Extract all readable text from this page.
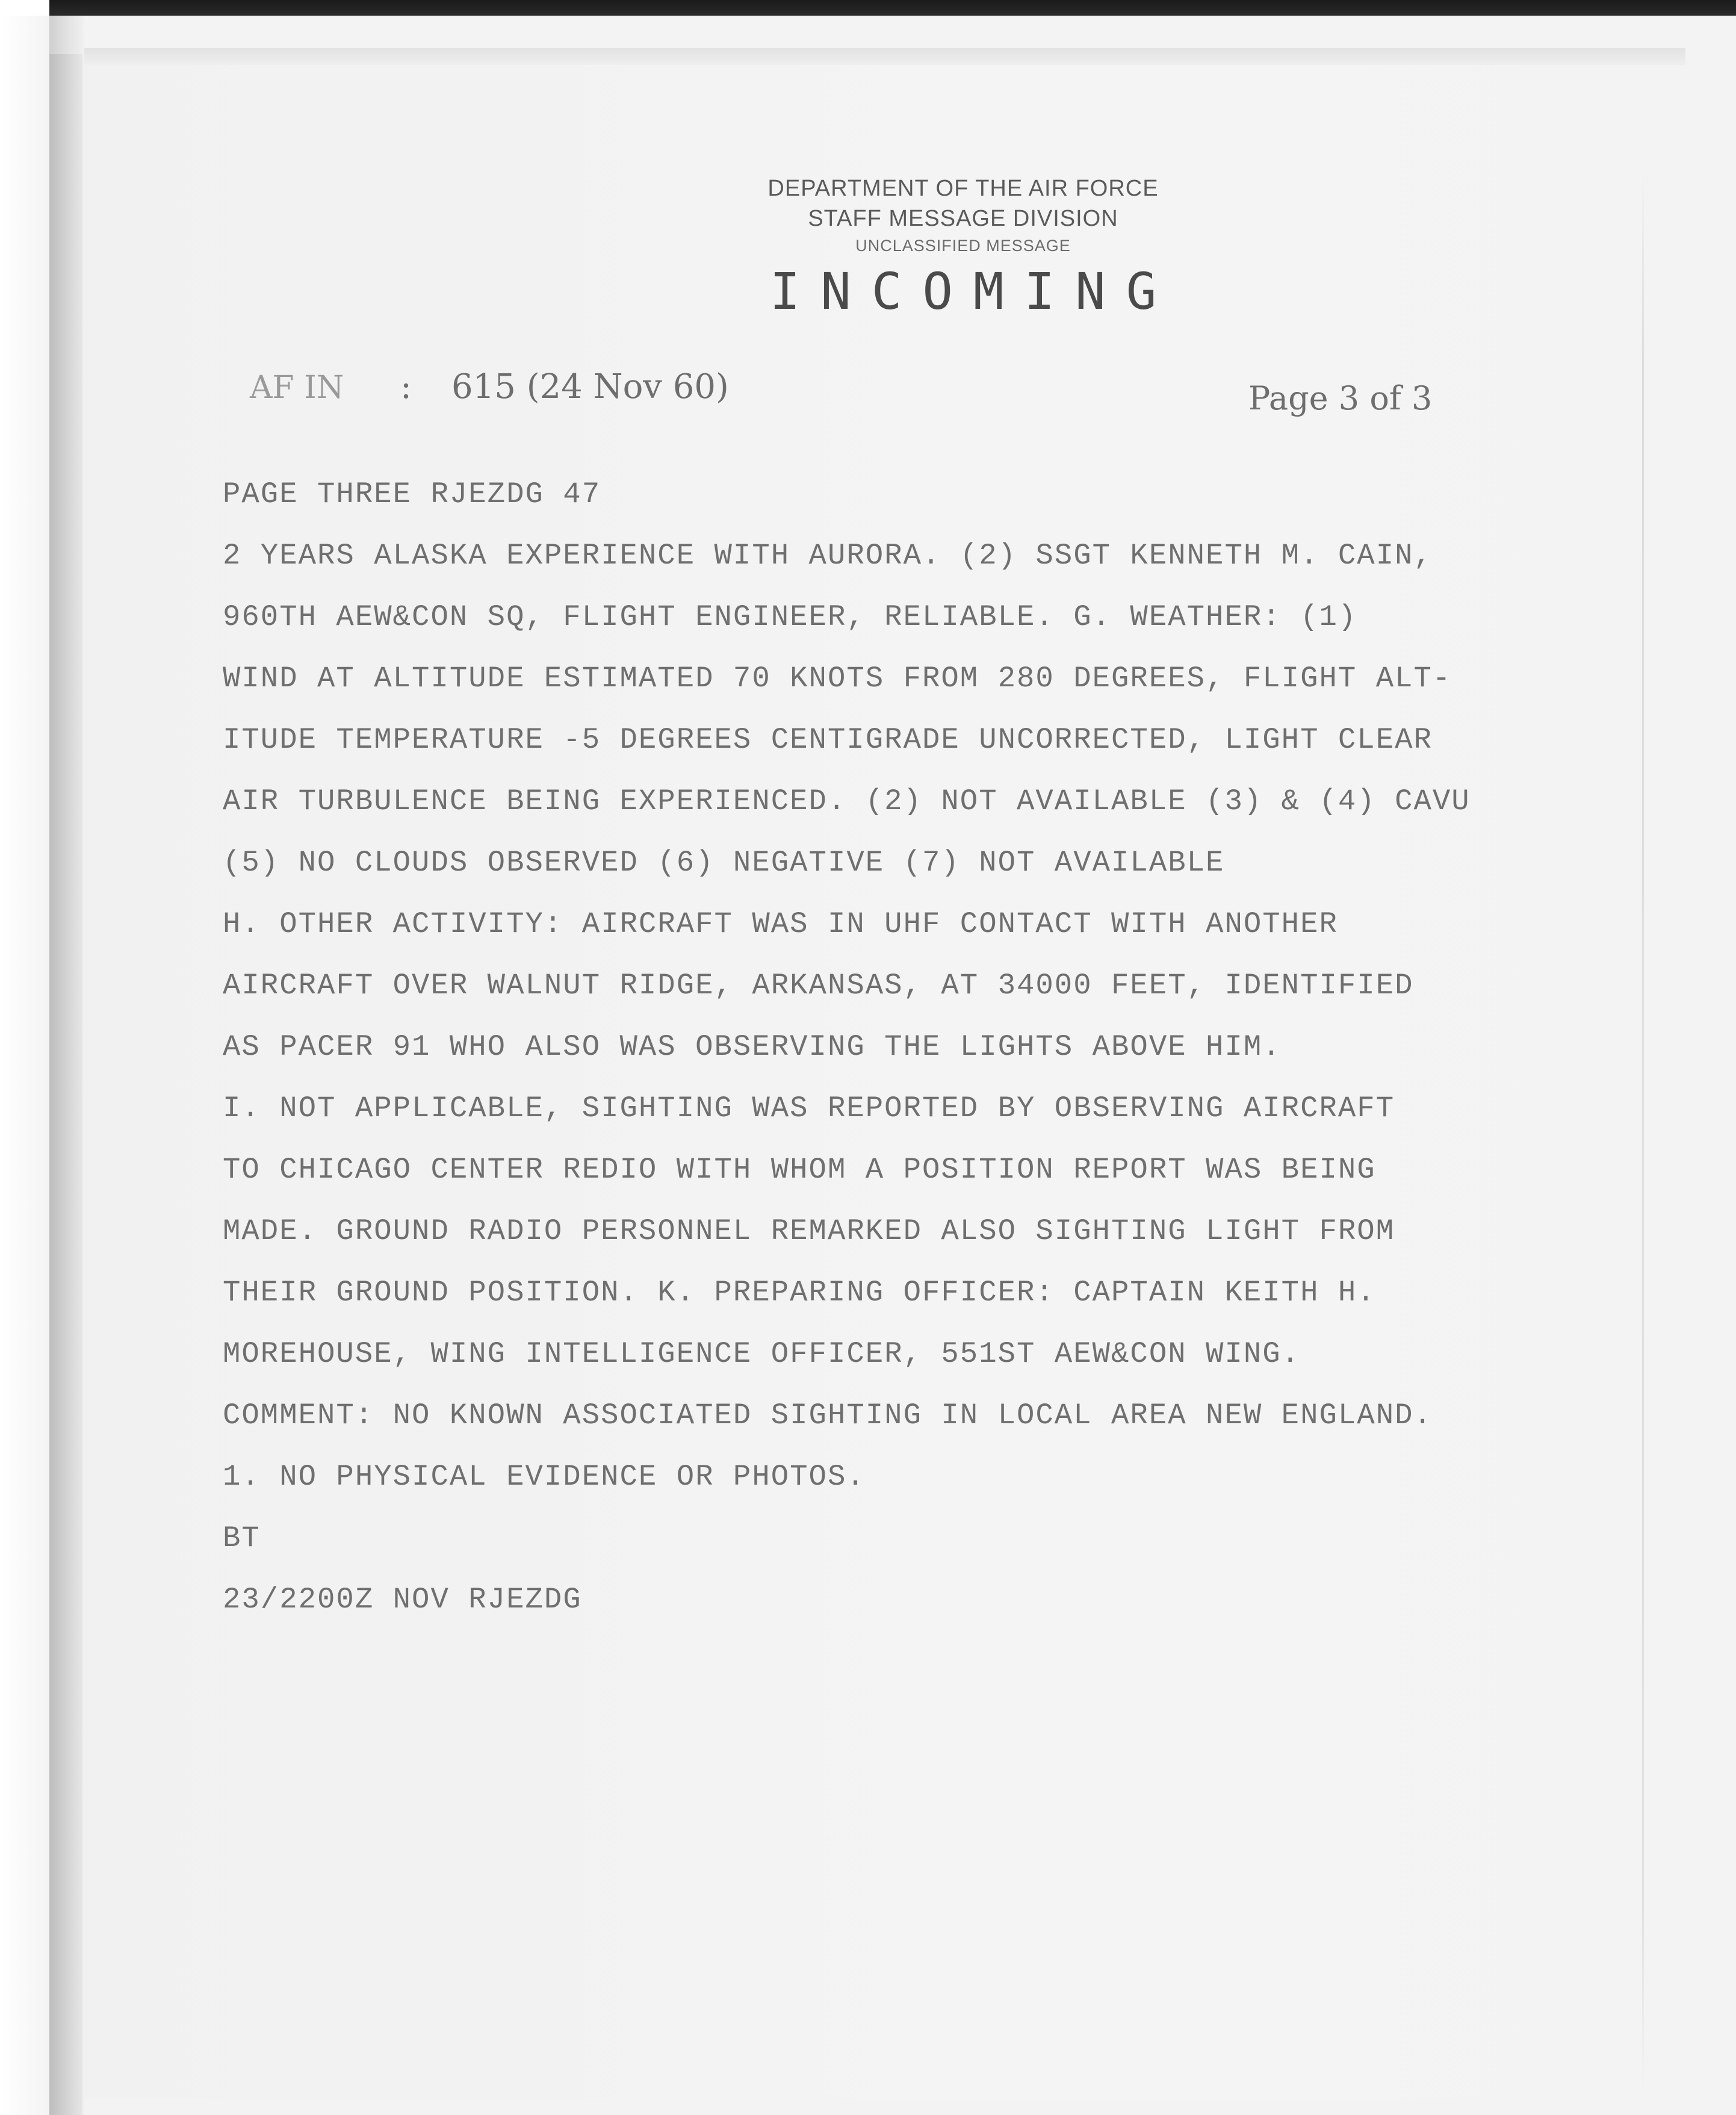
DEPARTMENT OF THE AIR FORCE
STAFF MESSAGE DIVISION
UNCLASSIFIED MESSAGE
INCOMING
AF IN : 615 (24 Nov 60)	Page 3 of 3
PAGE THREE RJEZDG 47
2 YEARS ALASKA EXPERIENCE WITH AURORA. (2) SSGT KENNETH M. CAIN,
960TH AEW&CON SQ, FLIGHT ENGINEER, RELIABLE. G. WEATHER: (1)
WIND AT ALTITUDE ESTIMATED 70 KNOTS FROM 280 DEGREES, FLIGHT ALT-
ITUDE TEMPERATURE -5 DEGREES CENTIGRADE UNCORRECTED, LIGHT CLEAR
AIR TURBULENCE BEING EXPERIENCED. (2) NOT AVAILABLE (3) & (4) CAVU
(5) NO CLOUDS OBSERVED (6) NEGATIVE (7) NOT AVAILABLE
H. OTHER ACTIVITY: AIRCRAFT WAS IN UHF CONTACT WITH ANOTHER
AIRCRAFT OVER WALNUT RIDGE, ARKANSAS, AT 34000 FEET, IDENTIFIED
AS PACER 91 WHO ALSO WAS OBSERVING THE LIGHTS ABOVE HIM.
I. NOT APPLICABLE, SIGHTING WAS REPORTED BY OBSERVING AIRCRAFT
TO CHICAGO CENTER REDIO WITH WHOM A POSITION REPORT WAS BEING
MADE. GROUND RADIO PERSONNEL REMARKED ALSO SIGHTING LIGHT FROM
THEIR GROUND POSITION. K. PREPARING OFFICER: CAPTAIN KEITH H.
MOREHOUSE, WING INTELLIGENCE OFFICER, 551ST AEW&CON WING.
COMMENT: NO KNOWN ASSOCIATED SIGHTING IN LOCAL AREA NEW ENGLAND.
1. NO PHYSICAL EVIDENCE OR PHOTOS.
BT
23/2200Z NOV RJEZDG
